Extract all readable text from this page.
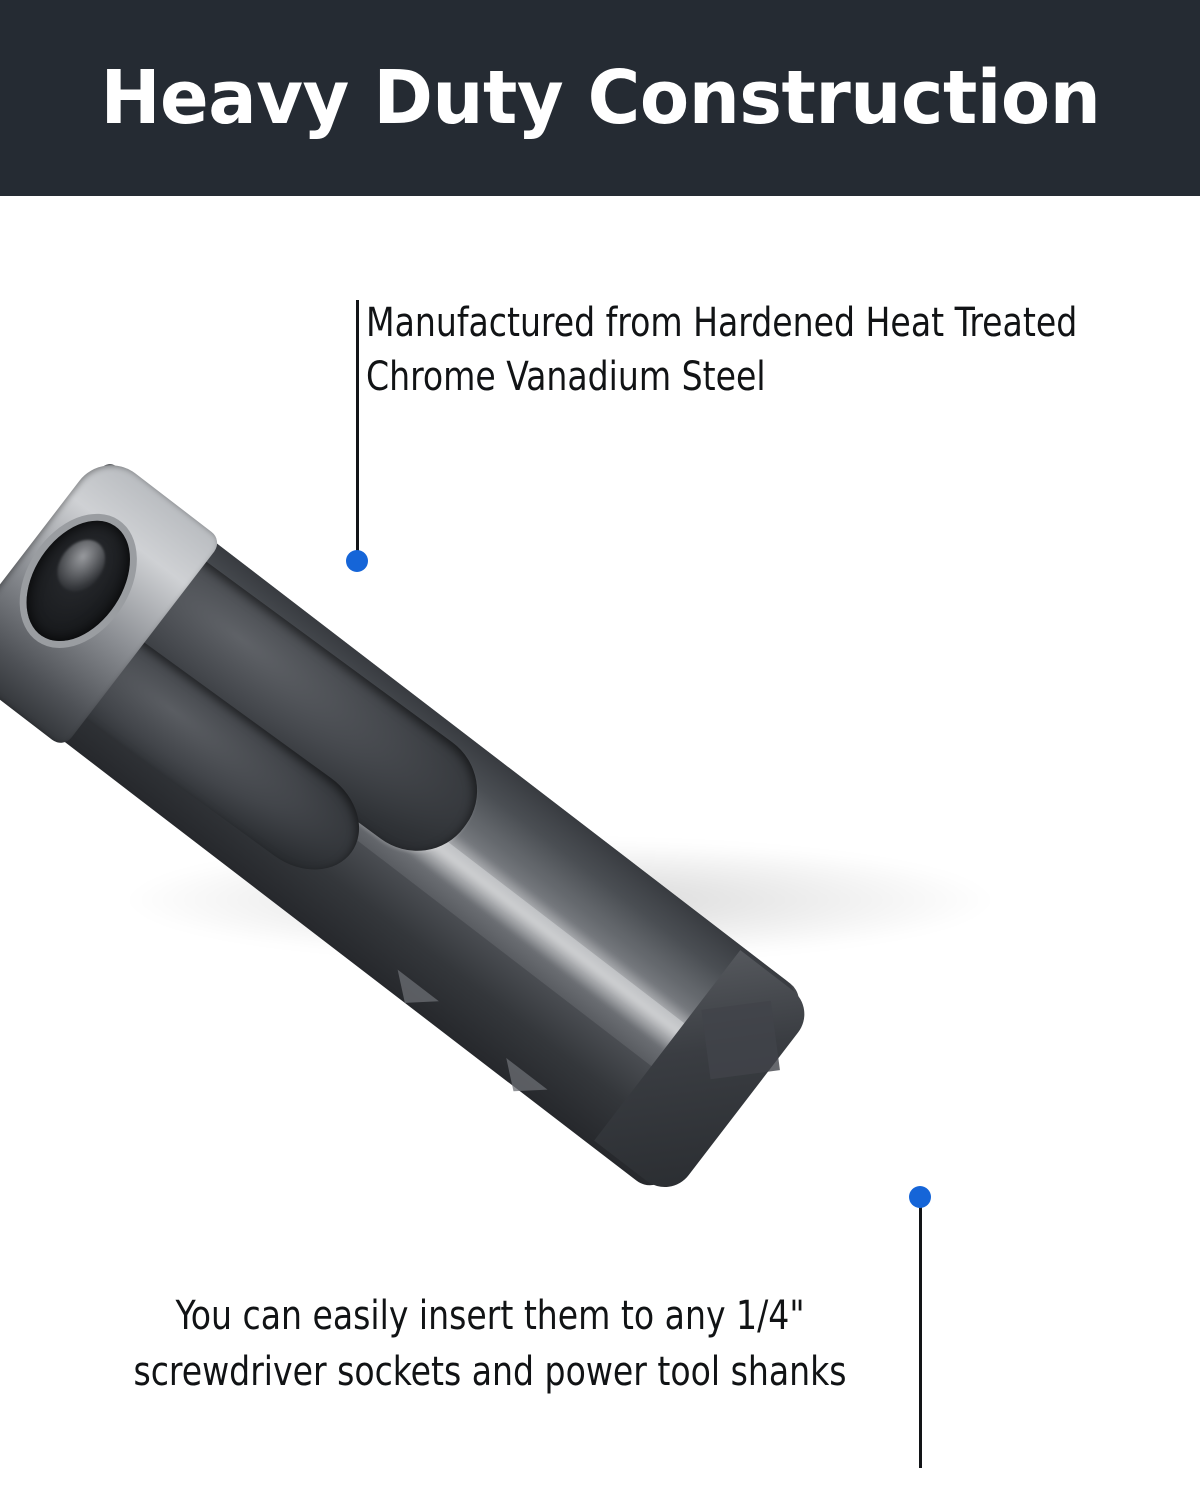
Heavy Duty Construction
Manufactured from Hardened Heat Treated
Chrome Vanadium Steel
You can easily insert them to any 1/4"
screwdriver sockets and power tool shanks
